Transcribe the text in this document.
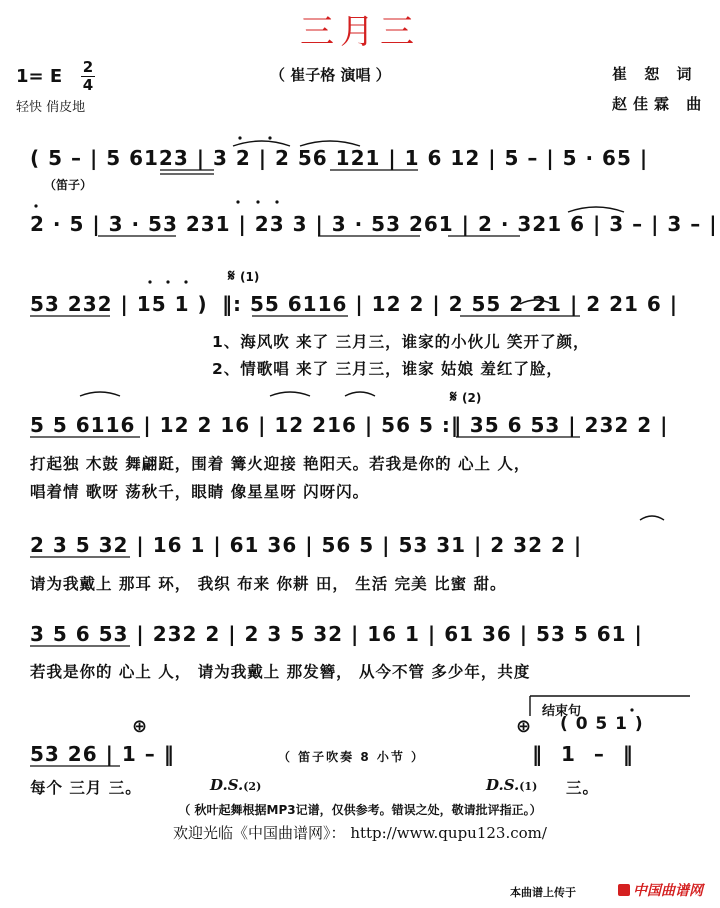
三月三
1= E 2
4
轻快 俏皮地
（ 崔子格 演唱 ）	崔 恕 词
赵佳霖 曲
( 5 – | 5 6123 | 3 2 | 2 56 121 | 1 6 12 | 5 – | 5 · 65 |
（笛子）
2 · 5 | 3 · 53 231 | 23 3 | 3 · 53 261 | 2 · 321 6 | 3 – | 3 – |
𝄋 (1)
53 232 | 15 1 ) ‖: 55 6116 | 12 2 | 2 55 2 21 | 2 21 6 |
1、海风吹 来了 三月三，谁家的小伙儿 笑开了颜，
2、情歌唱 来了 三月三，谁家 姑娘 羞红了脸，
𝄋 (2)
5 5 6116 | 12 2 16 | 12 216 | 56 5 :‖ 35 6 53 | 232 2 |
打起独 木鼓 舞翩跹，围着 篝火迎接 艳阳天。若我是你的 心上 人，
唱着情 歌呀 荡秋千，眼睛 像星星呀 闪呀闪。
2 3 5 32 | 16 1 | 61 36 | 56 5 | 53 31 | 2 32 2 |
请为我戴上 那耳 环， 我织 布来 你耕 田， 生活 完美 比蜜 甜。
3 5 6 53 | 232 2 | 2 3 5 32 | 16 1 | 61 36 | 53 5 61 |
若我是你的 心上 人， 请为我戴上 那发簪， 从今不管 多少年，共度
结束句
( 0 5 1 )
⊕	⊕
53 26 | 1 – ‖	（ 笛子吹奏 8 小节 ）	‖ 1 – ‖
每个 三月 三。	D.S.(2)	D.S.(1) 三。
（ 秋叶起舞根据MP3记谱，仅供参考。错误之处，敬请批评指正。）
欢迎光临《中国曲谱网》： http://www.qupu123.com/
本曲谱上传于	中国曲谱网
